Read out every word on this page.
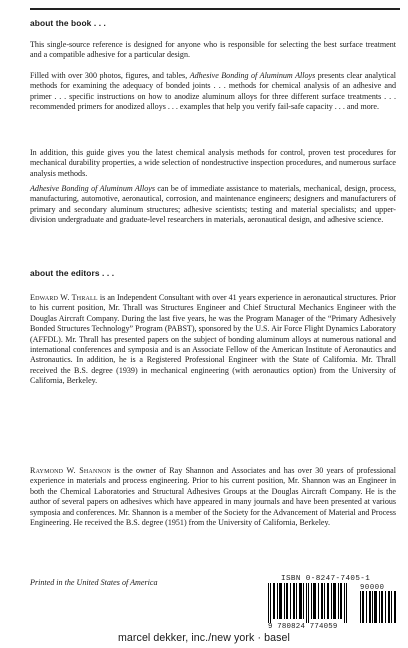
about the book . . .

This single-source reference is designed for anyone who is responsible for selecting the best surface treatment and a compatible adhesive for a particular design.

Filled with over 300 photos, figures, and tables, Adhesive Bonding of Aluminum Alloys presents clear analytical methods for examining the adequacy of bonded joints . . . methods for chemical analysis of an adhesive and primer . . . specific instructions on how to anodize aluminum alloys for three different surface treatments . . . recommended primers for anodized alloys . . . examples that help you verify fail-safe capacity . . . and more.

In addition, this guide gives you the latest chemical analysis methods for control, proven test procedures for mechanical durability properties, a wide selection of nondestructive inspection procedures, and numerous surface analysis methods.

Adhesive Bonding of Aluminum Alloys can be of immediate assistance to materials, mechanical, design, process, manufacturing, automotive, aeronautical, corrosion, and maintenance engineers; designers and manufacturers of primary and secondary aluminum structures; adhesive scientists; testing and material specialists; and upper-division undergraduate and graduate-level researchers in materials, aeronautical design, and adhesive science.

about the editors . . .

Edward W. Thrall is an Independent Consultant with over 41 years experience in aeronautical structures. Prior to his current position, Mr. Thrall was Structures Engineer and Chief Structural Mechanics Engineer with the Douglas Aircraft Company. During the last five years, he was the Program Manager of the “Primary Adhesively Bonded Structures Technology” Program (PABST), sponsored by the U.S. Air Force Flight Dynamics Laboratory (AFFDL). Mr. Thrall has presented papers on the subject of bonding aluminum alloys at numerous national and international conferences and symposia and is an Associate Fellow of the American Institute of Aeronautics and Astronautics. In addition, he is a Registered Professional Engineer with the State of California. Mr. Thrall received the B.S. degree (1939) in mechanical engineering (with aeronautics option) from the University of California, Berkeley.

Raymond W. Shannon is the owner of Ray Shannon and Associates and has over 30 years of professional experience in materials and process engineering. Prior to his current position, Mr. Shannon was an Engineer in both the Chemical Laboratories and Structural Adhesives Groups at the Douglas Aircraft Company. He is the author of several papers on adhesives which have appeared in many journals and have been presented at various symposia and conferences. Mr. Shannon is a member of the Society for the Advancement of Material and Process Engineering. He received the B.S. degree (1951) from the University of California, Berkeley.

Printed in the United States of America	ISBN 0-8247-7405-1
90000
9 780824 774059
marcel dekker, inc./new york · basel
